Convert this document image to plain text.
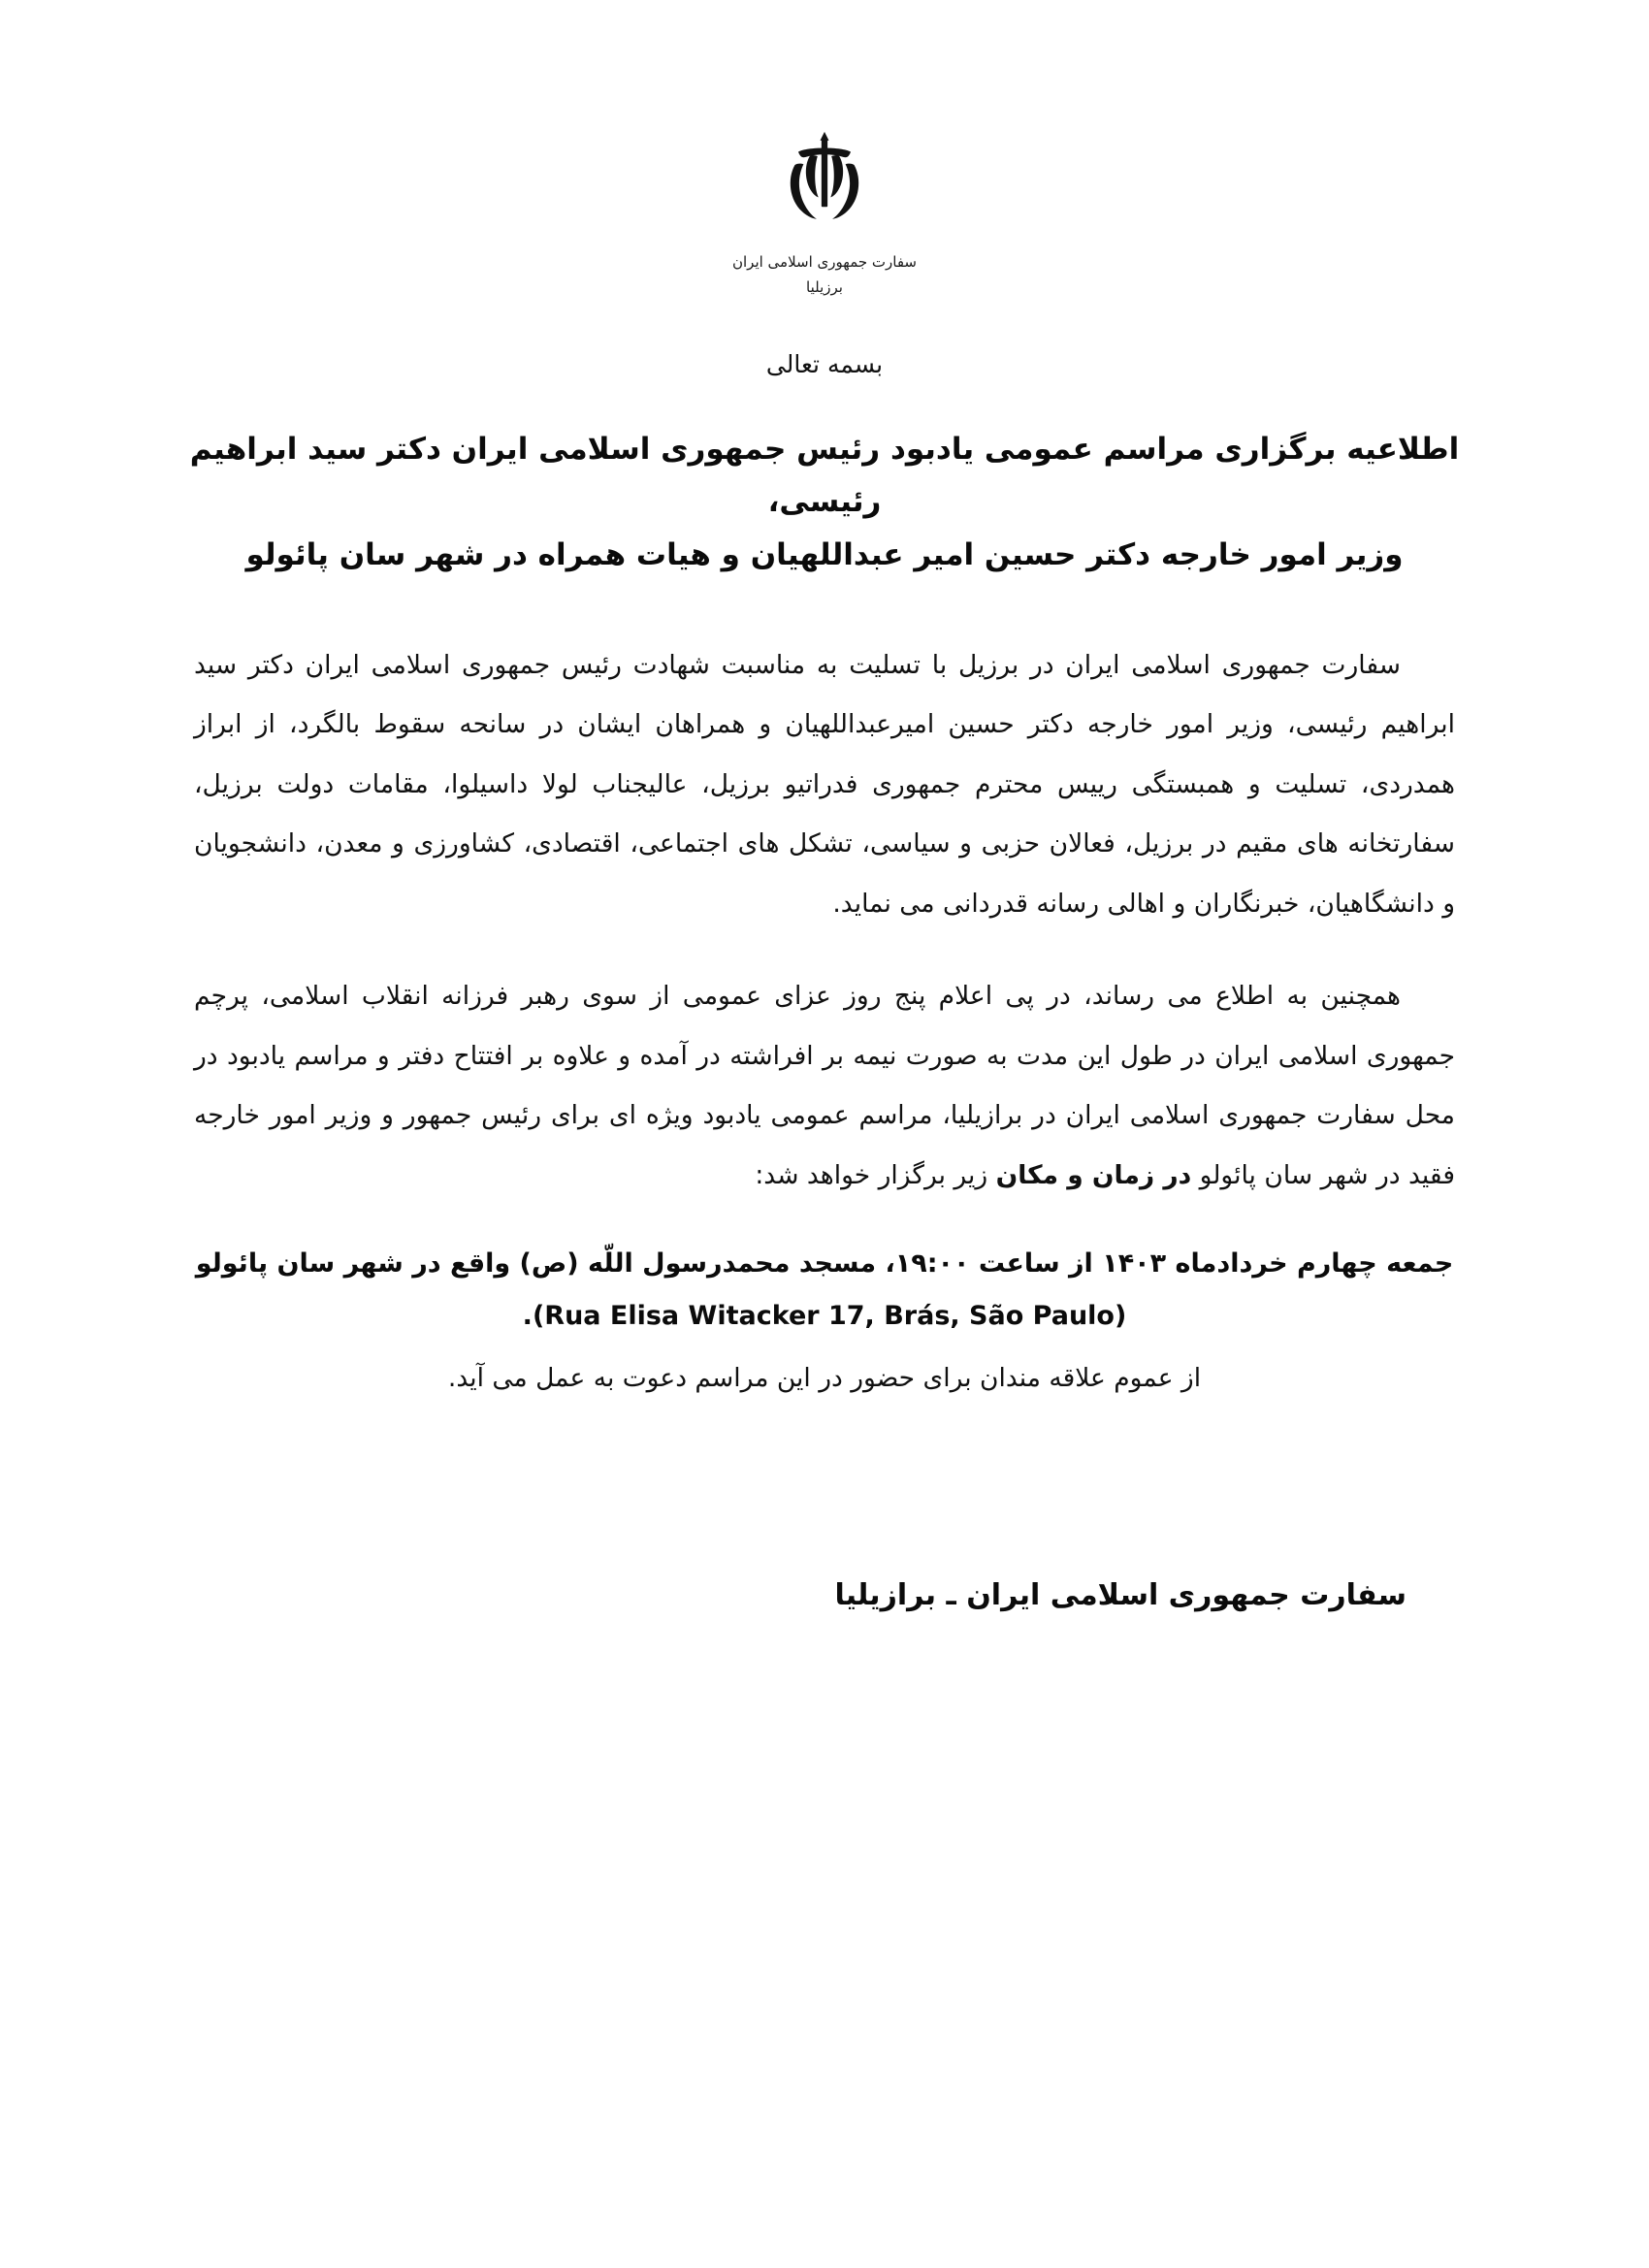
سفارت جمهوری اسلامی ایران
برزیلیا
بسمه تعالی
اطلاعیه برگزاری مراسم عمومی یادبود رئیس جمهوری اسلامی ایران دکتر سید ابراهیم رئیسی،
وزیر امور خارجه دکتر حسین امیر عبداللهیان و هیات همراه در شهر سان پائولو

سفارت جمهوری اسلامی ایران در برزیل با تسلیت به مناسبت شهادت رئیس جمهوری اسلامی ایران دکتر سید ابراهیم رئیسی، وزیر امور خارجه دکتر حسین امیرعبداللهیان و همراهان ایشان در سانحه سقوط بالگرد، از ابراز همدردی، تسلیت و همبستگی رییس محترم جمهوری فدراتیو برزیل، عالیجناب لولا داسیلوا، مقامات دولت برزیل، سفارتخانه های مقیم در برزیل، فعالان حزبی و سیاسی، تشکل های اجتماعی، اقتصادی، کشاورزی و معدن، دانشجویان و دانشگاهیان، خبرنگاران و اهالی رسانه قدردانی می نماید.

همچنین به اطلاع می رساند، در پی اعلام پنج روز عزای عمومی از سوی رهبر فرزانه انقلاب اسلامی، پرچم جمهوری اسلامی ایران در طول این مدت به صورت نیمه بر افراشته در آمده و علاوه بر افتتاح دفتر و مراسم یادبود در محل سفارت جمهوری اسلامی ایران در برازیلیا، مراسم عمومی یادبود ویژه ای برای رئیس جمهور و وزیر امور خارجه فقید در شهر سان پائولو در زمان و مکان زیر برگزار خواهد شد:

جمعه چهارم خردادماه ۱۴۰۳ از ساعت ۱۹:۰۰، مسجد محمدرسول اللّه (ص) واقع در شهر سان پائولو (Rua Elisa Witacker 17, Brás, São Paulo).
از عموم علاقه مندان برای حضور در این مراسم دعوت به عمل می آید.
سفارت جمهوری اسلامی ایران ـ برازیلیا
